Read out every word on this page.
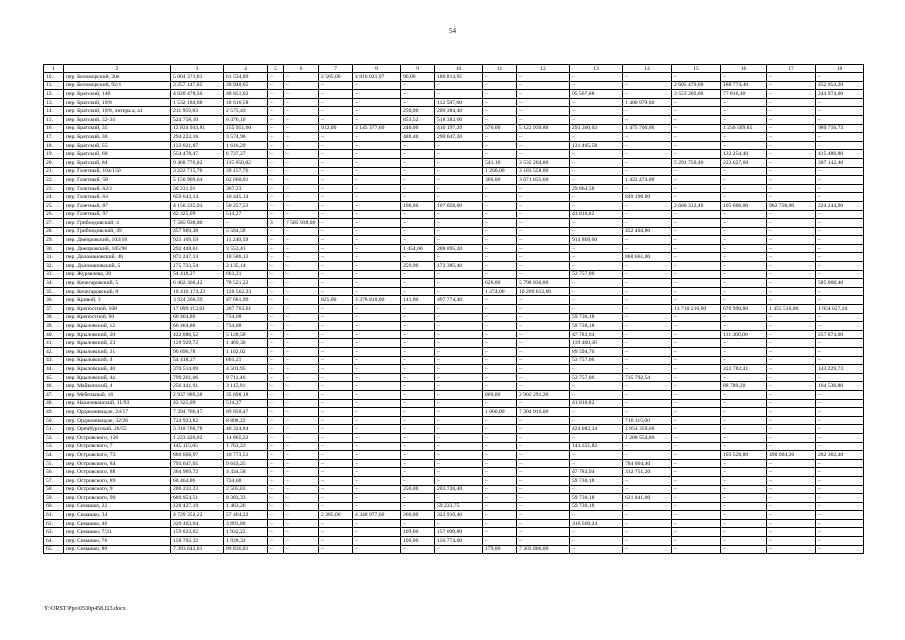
54
1	2	3	4	5	6	7	8	9	10	11	12	13	14	15	16	17	18
10.	пер. Беломорский, 20е	5 064 371,81	61 534,89	–	–	2 565,00	4 816 021,97	96,00	186 814,95	–	–	–	–	–	–	–	–
11.	пер. Беломорский, 92/1	3 257 147,85	39 940,65	–	–	–	–	–	–	–	–	–	–	2 605 479,60	188 774,40	–	452 953,20
12.	пер. Братский, 14б	4 020 478,50	48 851,02	–	–	–	–	–	–	–	–	95 567,88	–	3 553 269,60	77 816,40	–	244 974,00
13.	пер. Братский, 19/8	1 532 184,08	18 616,58	–	–	–	–	–	112 587,60	–	–	–	1 400 979,60	–	–	–	–
14.	пер. Братский, 19/8, литера а, а1	211 959,83	2 575,43	–	–	–	–	250,00	209 384,40	–	–	–	–	–	–	–	–
15.	пер. Братский, 32-34	524 758,10	6 376,10	–	–	–	–	853,52	518 382,00	–	–	–	–	–	–	–	–
16.	пер. Братский, 35	12 834 943,81	155 951,60	–	–	912,00	3 145 377,60	240,00	410 197,20	576,00	5 122 930,80	293 300,03	1 475 700,00	–	1 250 509,85	–	980 716,73
17.	пер. Братский, 36	294 222,16	3 574,96	–	–	–	–	480,40	290 647,20	–	–	–	–	–	–	–	–
18.	пер. Братский, 55	133 021,87	1 616,29	–	–	–	–	–	–	–	–	131 405,58	–	–	–	–	–
19.	пер. Братский, 68	554 478,47	6 737,27	–	–	–	–	–	–	–	–	–	–	–	132 254,40	–	415 486,80
20.	пер. Братский, 84	9 468 776,02	115 050,82	–	–	–	–	–	–	541,10	3 532 204,80	–	–	5 291 750,40	222 627,60	–	307 142,40
21.	пер. Газетный, 104/150	3 222 715,76	39 157,76	–	–	–	–	–	–	1 200,00	3 183 558,00	–	–	–	–	–	–
22.	пер. Газетный, 58	5 156 969,64	62 660,01	–	–	–	–	–	–	360,00	3 671 835,60	–	1 422 474,00	–	–	–	–
23.	пер. Газетный, 62/1	30 231,91	367,33	–	–	–	–	–	–	–	–	29 864,58	–	–	–	–	–
24.	пер. Газетный, 64	859 643,14	10 445,14	–	–	–	–	–	–	–	–	–	849 198,00	–	–	–	–
25.	пер. Газетный, 87	4 156 235,93	50 257,53	–	–	–	–	196,60	107 058,00	–	–	–	–	2 666 312,40	105 606,00	962 758,00	224 244,00
26.	пер. Газетный, 97	42 325,09	514,27	–	–	–	–	–	–	–	–	41 810,82	–	–	–	–	–
27.	пер. Грибоедовский, 4	7 585 938,00	–	3	7 585 938,00	–	–	–	–	–	–	–	–	–	–	–	–
28.	пер. Грибоедовский, 49	457 969,38	5 564,58	–	–	–	–	–	–	–	–	–	452 404,80	–	–	–	–
29.	пер. Днепровский, 103/18	925 109,59	11 240,59	–	–	–	–	–	–	–	–	913 869,00	–	–	–	–	–
30.	пер. Днепровский, 105/98	292 448,61	3 553,41	–	–	–	–	1 454,00	288 895,20	–	–	–	–	–	–	–	–
31.	пер. Доломановский, 46	871 247,13	10 586,13	–	–	–	–	–	–	–	–	–	860 661,00	–	–	–	–
32.	пер. Доломановский, 5	175 723,54	2 135,14	–	–	–	–	259,90	173 385,40	–	–	–	–	–	–	–	–
33.	пер. Журавлева, 20	54 418,27	661,21	–	–	–	–	–	–	–	–	53 757,06	–	–	–	–	–
34.	пер. Кочегаровский, 5	6 462 360,42	78 521,22	–	–	–	–	–	–	626,00	5 798 830,80	–	–	–	–	–	585 008,40
35.	пер. Кочегаровский, 8	10 416 174,23	126 562,23	–	–	–	–	–	–	1 274,00	10 289 612,00	–	–	–	–	–	–
36.	пер. Кривой, 3	3 924 266,39	47 681,99	–	–	825,00	3 378 810,00	141,00	497 774,40	–	–	–	–	–	–	–	–
37.	пер. Крепостной, 108	17 099 113,61	207 763,61	–	–	–	–	–	–	–	–	–	–	13 710 216,00	670 990,80	1 455 516,00	1 054 627,20
38.	пер. Крепостной, 60	60 464,86	734,68	–	–	–	–	–	–	–	–	59 730,18	–	–	–	–	–
39.	пер. Крыловский, 12	60 464,86	734,68	–	–	–	–	–	–	–	–	59 730,18	–	–	–	–	–
40.	пер. Крыловский, 20	422 086,52	5 128,58	–	–	–	–	–	–	–	–	47 783,94	–	–	111 300,00	–	257 874,00
41.	пер. Крыловский, 23	120 929,72	1 469,36	–	–	–	–	–	–	–	–	119 460,36	–	–	–	–	–
42.	пер. Крыловский, 31	90 696,78	1 102,02	–	–	–	–	–	–	–	–	89 594,76	–	–	–	–	–
43.	пер. Крыловский, 4	54 418,27	661,21	–	–	–	–	–	–	–	–	53 757,06	–	–	–	–	–
44.	пер. Крыловский, 40	370 514,09	4 501,95	–	–	–	–	–	–	–	–	–	–	–	222 782,41	–	143 229,73
45.	пер. Крыловский, 4а	799 261,06	9 711,46	–	–	–	–	–	–	–	–	53 757,06	735 792,54	–	–	–	–
46.	пер. Майкопский, 4	256 441,91	3 115,91	–	–	–	–	–	–	–	–	–	–	–	88 789,20	–	164 536,80
47.	пер. Мебельный, 16	2 937 989,38	35 698,18	–	–	–	–	–	–	869,00	2 902 291,20	–	–	–	–	–	–
48.	пер. Нахичеванский, 11/93	42 325,09	514,27	–	–	–	–	–	–	–	–	41 810,82	–	–	–	–	–
49.	пер. Орджоникидзе, 24/17	7 394 766,47	89 850,47	–	–	–	–	–	–	1 060,00	7 304 916,00	–	–	–	–	–	–
50.	пер. Орджоникидзе, 32/26	724 923,82	8 808,22	–	–	–	–	–	–	–	–	–	716 115,60	–	–	–	–
51.	пер. Оренбургский, 26/55	3 318 766,78	40 324,84	–	–	–	–	–	–	–	–	424 082,34	2 854 359,60	–	–	–	–
52.	пер. Островского, 126	1 223 420,02	14 865,22	–	–	–	–	–	–	–	–	–	1 208 554,80	–	–	–	–
53.	пер. Островского, 7	145 115,05	1 763,23	–	–	–	–	–	–	–	–	143 351,82	–	–	–	–	–
54.	пер. Островского, 73	886 668,97	10 773,51	–	–	–	–	–	–	–	–	–	–	–	103 528,80	490 004,26	282 362,40
55.	пер. Островского, 84	793 647,65	9 643,25	–	–	–	–	–	–	–	–	–	784 004,40	–	–	–	–
56.	пер. Островского, 88	364 969,72	4 434,58	–	–	–	–	–	–	–	–	47 783,94	312 751,20	–	–	–	–
57.	пер. Островского, 89	60 464,86	734,68	–	–	–	–	–	–	–	–	59 730,18	–	–	–	–	–
58.	пер. Островского, 9	206 232,23	2 505,83	–	–	–	–	250,00	203 726,40	–	–	–	–	–	–	–	–
59.	пер. Островского, 90	689 954,51	8 383,33	–	–	–	–	–	–	–	–	59 730,18	621 841,00	–	–	–	–
60.	пер. Семашко, 22	120 427,19	1 463,26	–	–	–	–	–	59 233,75	–	–	59 730,18	–	–	–	–	–
61.	пер. Семашко, 34	4 729 352,22	57 464,22	–	–	2 385,00	4 348 977,60	360,00	322 910,40	–	–	–	–	–	–	–	–
62.	пер. Семашко, 46	320 463,04	3 893,80	–	–	–	–	–	–	–	–	316 569,24	–	–	–	–	–
63.	пер. Семашко, 7/31	159 023,02	1 932,22	–	–	–	–	109,00	157 090,80	–	–	–	–	–	–	–	–
64.	пер. Семашко, 76	158 702,32	1 928,32	–	–	–	–	100,00	156 774,00	–	–	–	–	–	–	–	–
65.	пер. Семашко, 80	7 393 642,81	89 836,81	–	–	–	–	–	–	179,00	7 303 806,00	–	–	–	–	–	–
Y:\ORST\Ppo\0530p458.f23.docx
